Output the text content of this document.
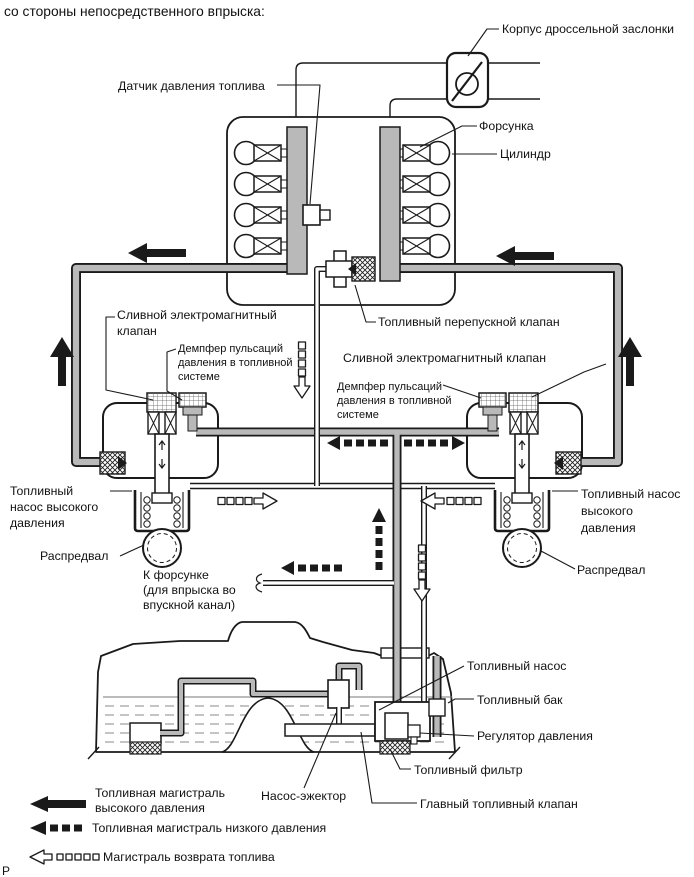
со стороны непосредственного впрыска:
Корпус дроссельной заслонки
Датчик давления топлива
Форсунка
Цилиндр
Сливной электромагнитный
клапан
Демпфер пульсаций
давления в топливной
системе
Топливный перепускной клапан
Сливной электромагнитный клапан
Демпфер пульсаций
давления в топливной
системе
Топливный
насос высокого
давления
Топливный насос
высокого
давления
Распредвал
Распредвал
К форсунке
(для впрыска во
впускной канал)
Топливный насос
Топливный бак
Регулятор давления
Топливный фильтр
Главный топливный клапан
Насос-эжектор
Р
Топливная магистраль
высокого давления
Топливная магистраль низкого давления
Магистраль возврата топлива
